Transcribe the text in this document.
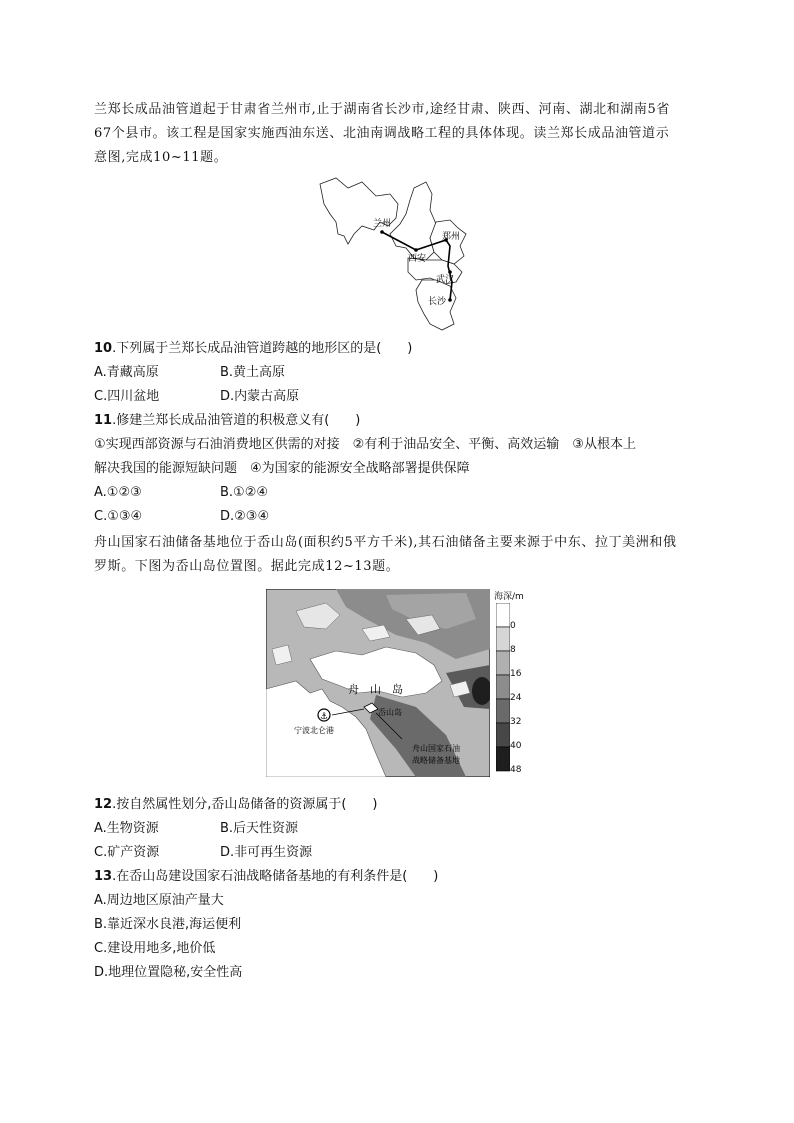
兰郑长成品油管道起于甘肃省兰州市,止于湖南省长沙市,途经甘肃、陕西、河南、湖北和湖南5省
67个县市。该工程是国家实施西油东送、北油南调战略工程的具体体现。读兰郑长成品油管道示
意图,完成10~11题。
兰州
西安
郑州
武汉
长沙
10.下列属于兰郑长成品油管道跨越的地形区的是(　　)
A.青藏高原	B.黄土高原
C.四川盆地	D.内蒙古高原
11.修建兰郑长成品油管道的积极意义有(　　)
①实现西部资源与石油消费地区供需的对接　②有利于油品安全、平衡、高效运输　③从根本上
解决我国的能源短缺问题　④为国家的能源安全战略部署提供保障
A.①②③	B.①②④
C.①③④	D.②③④
舟山国家石油储备基地位于岙山岛(面积约5平方千米),其石油储备主要来源于中东、拉丁美洲和俄
罗斯。下图为岙山岛位置图。据此完成12~13题。
⚓
舟　山　岛
岙山岛
宁波北仑港
舟山国家石油
战略储备基地
海深/m
0
8
16
24
32
40
48
12.按自然属性划分,岙山岛储备的资源属于(　　)
A.生物资源	B.后天性资源
C.矿产资源	D.非可再生资源
13.在岙山岛建设国家石油战略储备基地的有利条件是(　　)
A.周边地区原油产量大
B.靠近深水良港,海运便利
C.建设用地多,地价低
D.地理位置隐秘,安全性高
